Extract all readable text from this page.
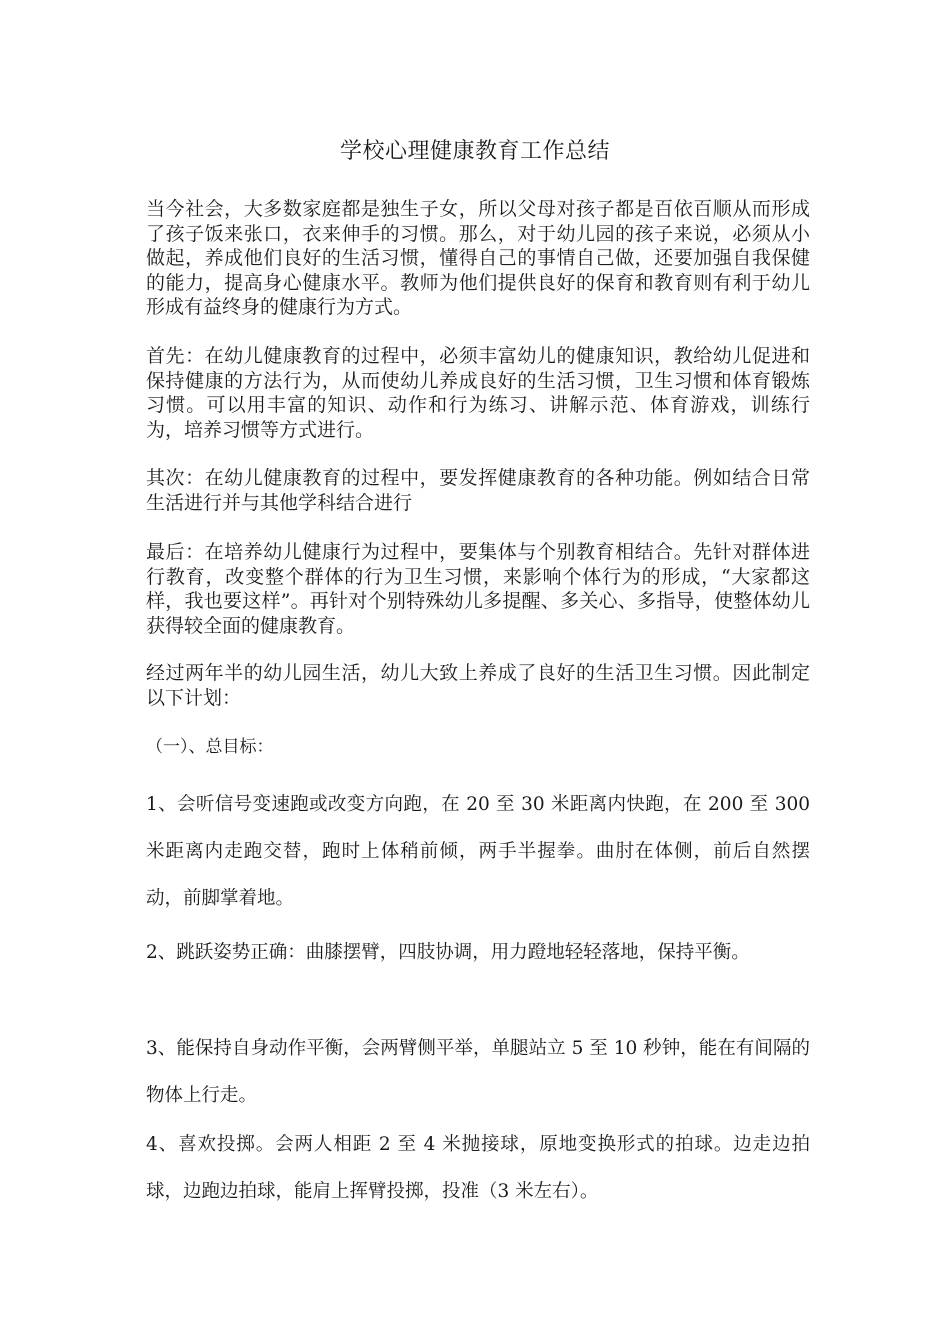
学校心理健康教育工作总结

当今社会，大多数家庭都是独生子女，所以父母对孩子都是百依百顺从而形成了孩子饭来张口，衣来伸手的习惯。那么，对于幼儿园的孩子来说，必须从小做起，养成他们良好的生活习惯，懂得自己的事情自己做，还要加强自我保健的能力，提高身心健康水平。教师为他们提供良好的保育和教育则有利于幼儿形成有益终身的健康行为方式。

首先：在幼儿健康教育的过程中，必须丰富幼儿的健康知识，教给幼儿促进和保持健康的方法行为，从而使幼儿养成良好的生活习惯，卫生习惯和体育锻炼习惯。可以用丰富的知识、动作和行为练习、讲解示范、体育游戏，训练行为，培养习惯等方式进行。

其次：在幼儿健康教育的过程中，要发挥健康教育的各种功能。例如结合日常生活进行并与其他学科结合进行

最后：在培养幼儿健康行为过程中，要集体与个别教育相结合。先针对群体进行教育，改变整个群体的行为卫生习惯，来影响个体行为的形成，“大家都这样，我也要这样”。再针对个别特殊幼儿多提醒、多关心、多指导，使整体幼儿获得较全面的健康教育。

经过两年半的幼儿园生活，幼儿大致上养成了良好的生活卫生习惯。因此制定以下计划：

（一）、总目标：

1、会听信号变速跑或改变方向跑，在 20 至 30 米距离内快跑，在 200 至 300 米距离内走跑交替，跑时上体稍前倾，两手半握拳。曲肘在体侧，前后自然摆动，前脚掌着地。

2、跳跃姿势正确：曲膝摆臂，四肢协调，用力蹬地轻轻落地，保持平衡。

3、能保持自身动作平衡，会两臂侧平举，单腿站立 5 至 10 秒钟，能在有间隔的物体上行走。

4、喜欢投掷。会两人相距 2 至 4 米抛接球，原地变换形式的拍球。边走边拍球，边跑边拍球，能肩上挥臂投掷，投准（3 米左右）。
